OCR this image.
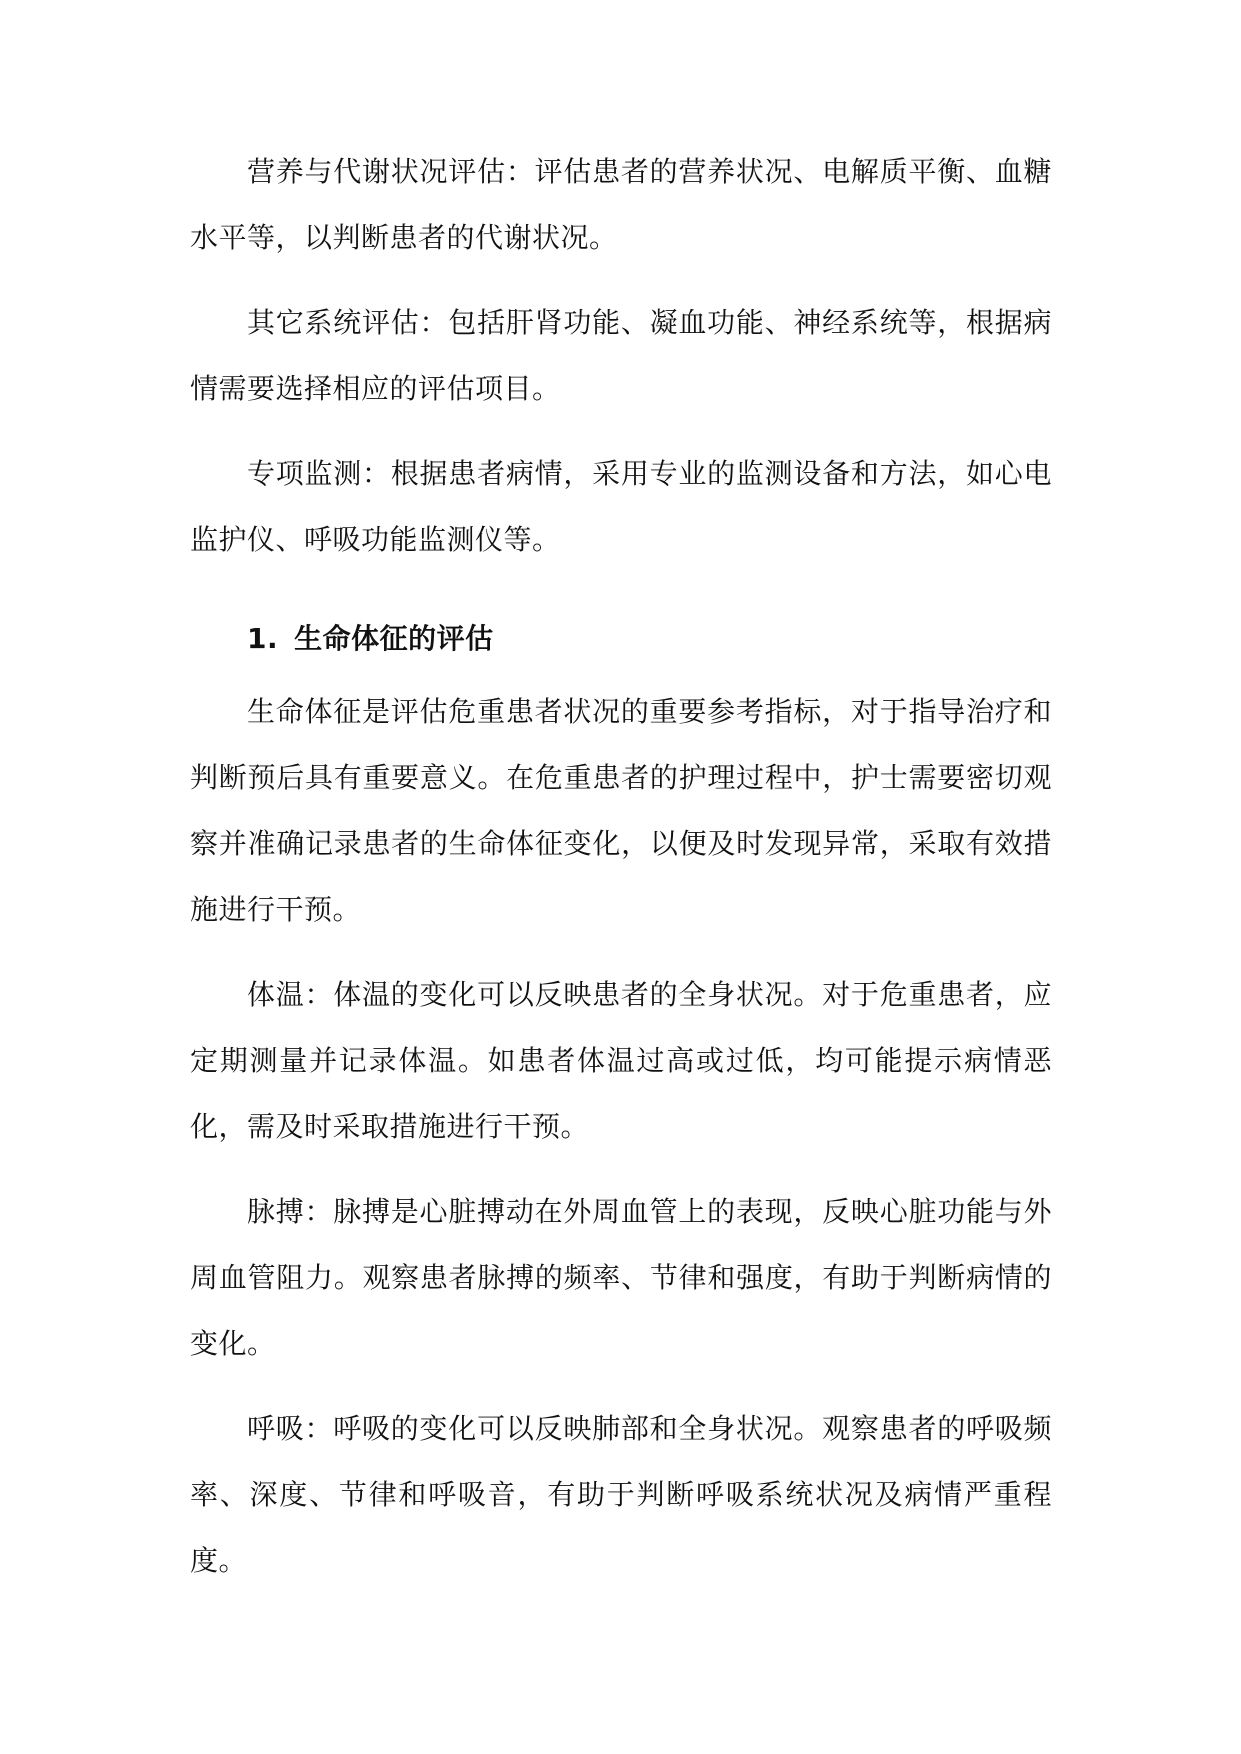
营养与代谢状况评估：评估患者的营养状况、电解质平衡、血糖水平等，以判断患者的代谢状况。

其它系统评估：包括肝肾功能、凝血功能、神经系统等，根据病情需要选择相应的评估项目。

专项监测：根据患者病情，采用专业的监测设备和方法，如心电监护仪、呼吸功能监测仪等。

1. 生命体征的评估

生命体征是评估危重患者状况的重要参考指标，对于指导治疗和判断预后具有重要意义。在危重患者的护理过程中，护士需要密切观察并准确记录患者的生命体征变化，以便及时发现异常，采取有效措施进行干预。

体温：体温的变化可以反映患者的全身状况。对于危重患者，应定期测量并记录体温。如患者体温过高或过低，均可能提示病情恶化，需及时采取措施进行干预。

脉搏：脉搏是心脏搏动在外周血管上的表现，反映心脏功能与外周血管阻力。观察患者脉搏的频率、节律和强度，有助于判断病情的变化。

呼吸：呼吸的变化可以反映肺部和全身状况。观察患者的呼吸频率、深度、节律和呼吸音，有助于判断呼吸系统状况及病情严重程度。
